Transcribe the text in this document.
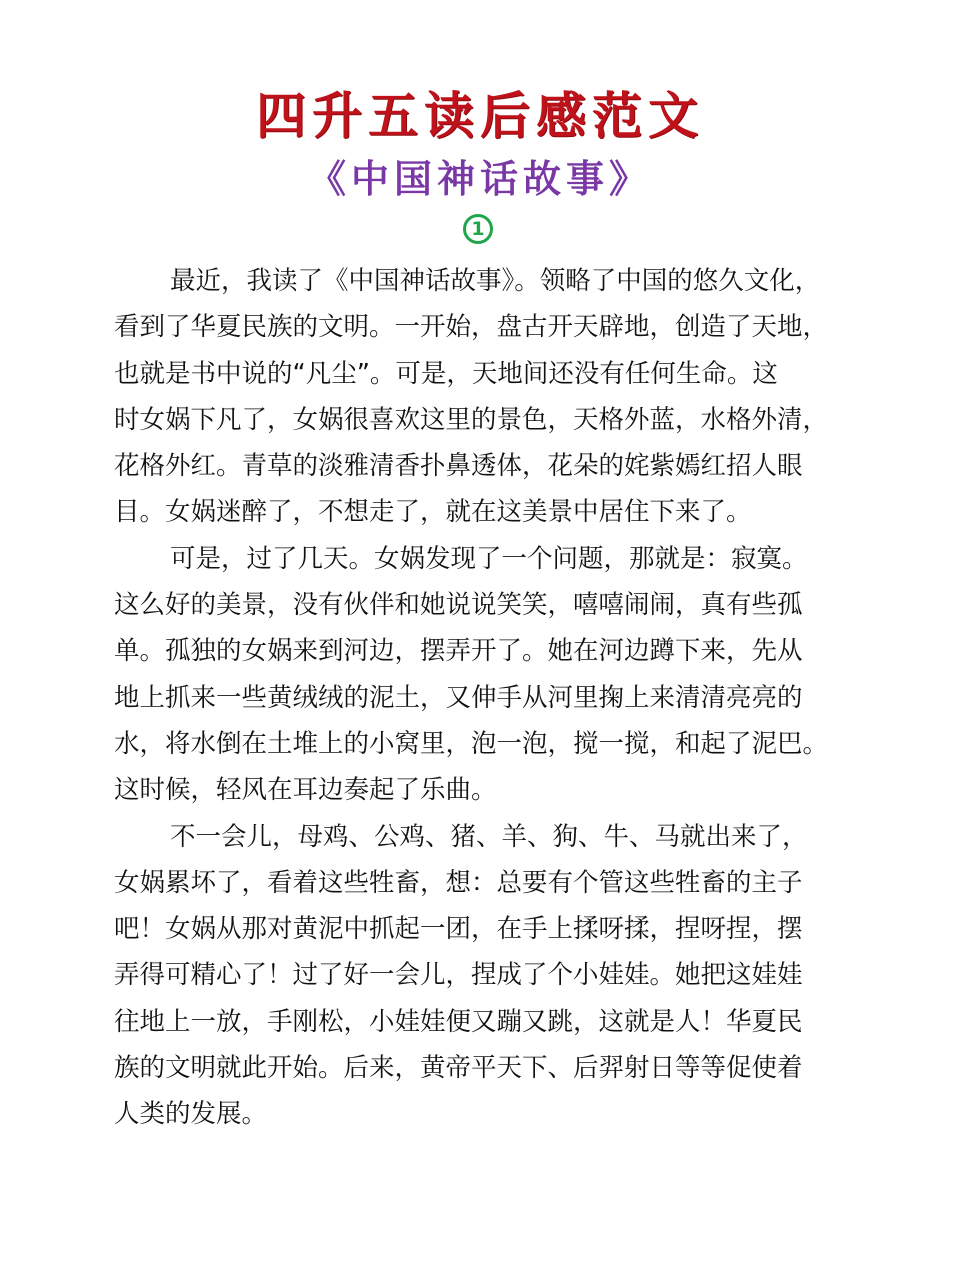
四升五读后感范文
《中国神话故事》
1
最近，我读了《中国神话故事》。领略了中国的悠久文化，
看到了华夏民族的文明。一开始，盘古开天辟地，创造了天地，
也就是书中说的“凡尘”。可是，天地间还没有任何生命。这
时女娲下凡了，女娲很喜欢这里的景色，天格外蓝，水格外清，
花格外红。青草的淡雅清香扑鼻透体，花朵的姹紫嫣红招人眼
目。女娲迷醉了，不想走了，就在这美景中居住下来了。
可是，过了几天。女娲发现了一个问题，那就是：寂寞。
这么好的美景，没有伙伴和她说说笑笑，嘻嘻闹闹，真有些孤
单。孤独的女娲来到河边，摆弄开了。她在河边蹲下来，先从
地上抓来一些黄绒绒的泥土，又伸手从河里掬上来清清亮亮的
水，将水倒在土堆上的小窝里，泡一泡，搅一搅，和起了泥巴。
这时候，轻风在耳边奏起了乐曲。
不一会儿，母鸡、公鸡、猪、羊、狗、牛、马就出来了，
女娲累坏了，看着这些牲畜，想：总要有个管这些牲畜的主子
吧！女娲从那对黄泥中抓起一团，在手上揉呀揉，捏呀捏，摆
弄得可精心了！过了好一会儿，捏成了个小娃娃。她把这娃娃
往地上一放，手刚松，小娃娃便又蹦又跳，这就是人！华夏民
族的文明就此开始。后来，黄帝平天下、后羿射日等等促使着
人类的发展。
